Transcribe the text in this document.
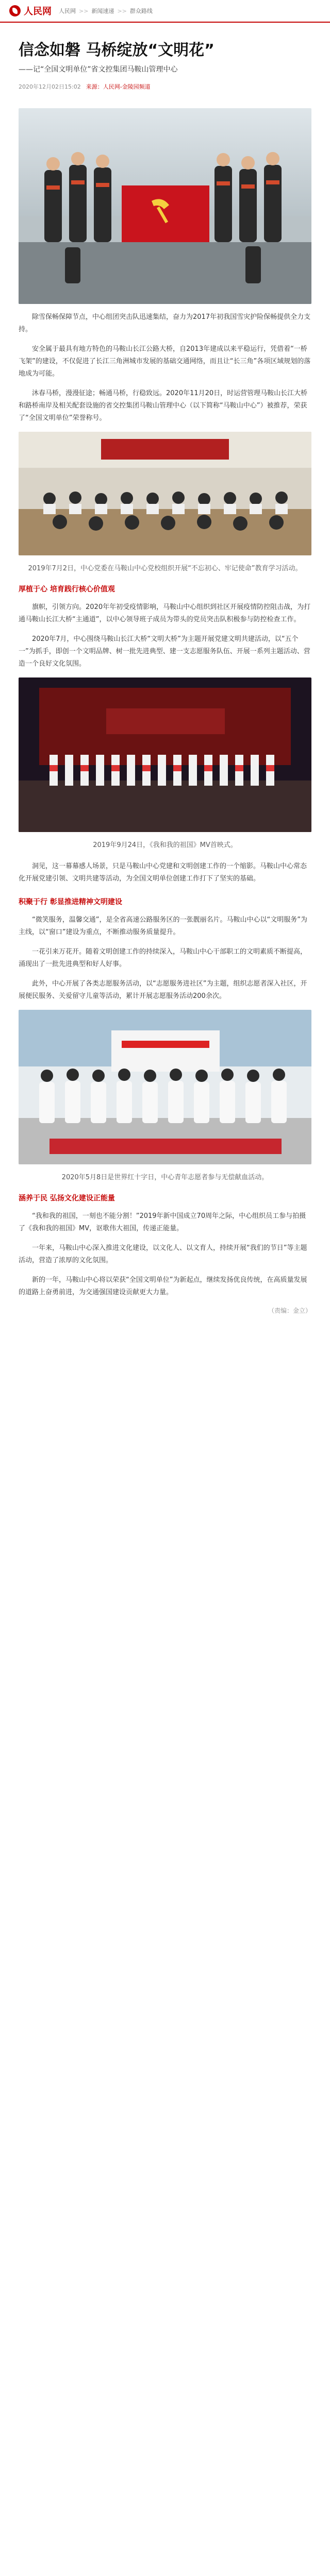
人民网 人民网 >> 新闻速递 >> 群众路线
信念如磐 马桥绽放“文明花”
——记“全国文明单位”省文控集团马鞍山管理中心
2020年12月02日15:02 来源：人民网-金陵园频道

除雪保畅保障节点，中心组团突击队迅速集结，奋力为2017年初我国雪灾护险保畅提供全力支持。

安全属于最具有地方特色的马鞍山长江公路大桥，自2013年建成以来平稳运行，凭借着“一桥飞架”的建设，不仅促进了长江三角洲城市发展的基础交通网络，而且让“长三角”各项区域规划的落地成为可能。

沐春马桥，漫漫征途；畅通马桥，行稳致远。2020年11月20日，时运营管理马鞍山长江大桥和路桥南岸及相关配套设施的省交控集团马鞍山管理中心（以下简称“马鞍山中心”）被推荐，荣获了“全国文明单位”荣誉称号。

2019年7月2日，中心党委在马鞍山中心党校组织开展“不忘初心、牢记使命”教育学习活动。
厚植于心 培育践行核心价值观

旗帜，引领方向。2020年年初受疫情影响，马鞍山中心组织到社区开展疫情防控阻击战，为打通马鞍山长江大桥“主通道”，以中心领导班子成员为带头的党员突击队积极参与防控检查工作。

2020年7月，中心围绕马鞍山长江大桥“文明大桥”为主题开展党建文明共建活动，以“五个一”为抓手，即创一个文明品牌、树一批先进典型、建一支志愿服务队伍、开展一系列主题活动、营造一个良好文化氛围。

2019年9月24日，《我和我的祖国》MV首映式。

洞见，这一幕幕感人场景，只是马鞍山中心党建和文明创建工作的一个缩影。马鞍山中心常态化开展党建引领、文明共建等活动，为全国文明单位创建工作打下了坚实的基础。

积聚于行 彰显推进精神文明建设

“微笑服务，温馨交通”，是全省高速公路服务区的一张靓丽名片。马鞍山中心以“文明服务”为主线，以“窗口”建设为重点，不断推动服务质量提升。

一花引来万花开。随着文明创建工作的持续深入，马鞍山中心干部职工的文明素质不断提高，涌现出了一批先进典型和好人好事。

此外，中心开展了各类志愿服务活动，以“志愿服务进社区”为主题，组织志愿者深入社区，开展便民服务、关爱留守儿童等活动，累计开展志愿服务活动200余次。

2020年5月8日是世界红十字日，中心青年志愿者参与无偿献血活动。
涵养于民 弘扬文化建设正能量

“我和我的祖国，一刻也不能分割！”2019年新中国成立70周年之际，中心组织员工参与拍摄了《我和我的祖国》MV，讴歌伟大祖国，传递正能量。

一年来，马鞍山中心深入推进文化建设，以文化人、以文育人，持续开展“我们的节日”等主题活动，营造了浓厚的文化氛围。

新的一年，马鞍山中心将以荣获“全国文明单位”为新起点，继续发扬优良传统，在高质量发展的道路上奋勇前进，为交通强国建设贡献更大力量。

（责编：金立）
